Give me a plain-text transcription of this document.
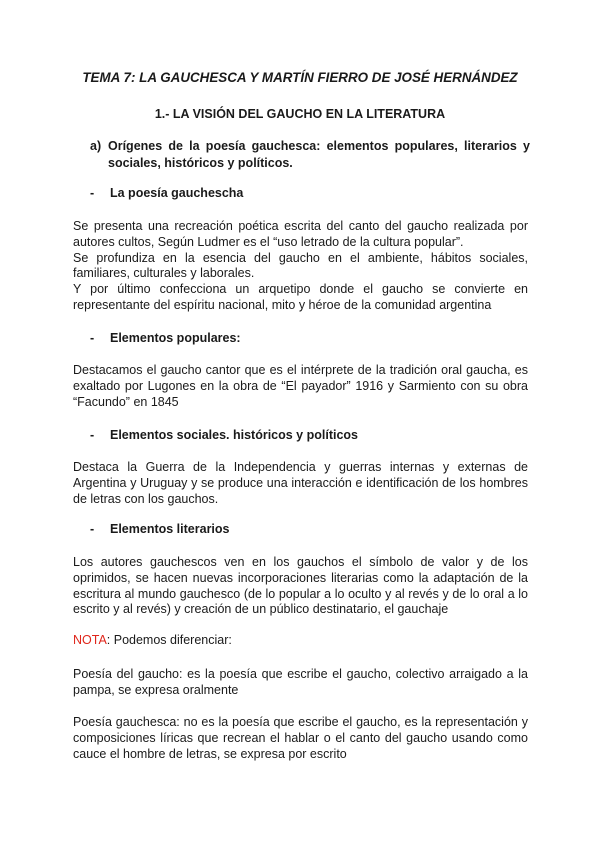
TEMA 7: LA GAUCHESCA Y MARTÍN FIERRO DE JOSÉ HERNÁNDEZ
1.- LA VISIÓN DEL GAUCHO EN LA LITERATURA
a) Orígenes de la poesía gauchesca: elementos populares, literarios y sociales, históricos y políticos.
- La poesía gauchescha

Se presenta una recreación poética escrita del canto del gaucho realizada por autores cultos, Según Ludmer es el “uso letrado de la cultura popular”.

Se profundiza en la esencia del gaucho en el ambiente, hábitos sociales, familiares, culturales y laborales.

Y por último confecciona un arquetipo donde el gaucho se convierte en representante del espíritu nacional, mito y héroe de la comunidad argentina

- Elementos populares:

Destacamos el gaucho cantor que es el intérprete de la tradición oral gaucha, es exaltado por Lugones en la obra de “El payador” 1916 y Sarmiento con su obra “Facundo” en 1845

- Elementos sociales. históricos y políticos

Destaca la Guerra de la Independencia y guerras internas y externas de Argentina y Uruguay y se produce una interacción e identificación de los hombres de letras con los gauchos.

- Elementos literarios

Los autores gauchescos ven en los gauchos el símbolo de valor y de los oprimidos, se hacen nuevas incorporaciones literarias como la adaptación de la escritura al mundo gauchesco (de lo popular a lo oculto y al revés y de lo oral a lo escrito y al revés) y creación de un público destinatario, el gauchaje

NOTA: Podemos diferenciar:

Poesía del gaucho: es la poesía que escribe el gaucho, colectivo arraigado a la pampa, se expresa oralmente

Poesía gauchesca: no es la poesía que escribe el gaucho, es la representación y composiciones líricas que recrean el hablar o el canto del gaucho usando como cauce el hombre de letras, se expresa por escrito
